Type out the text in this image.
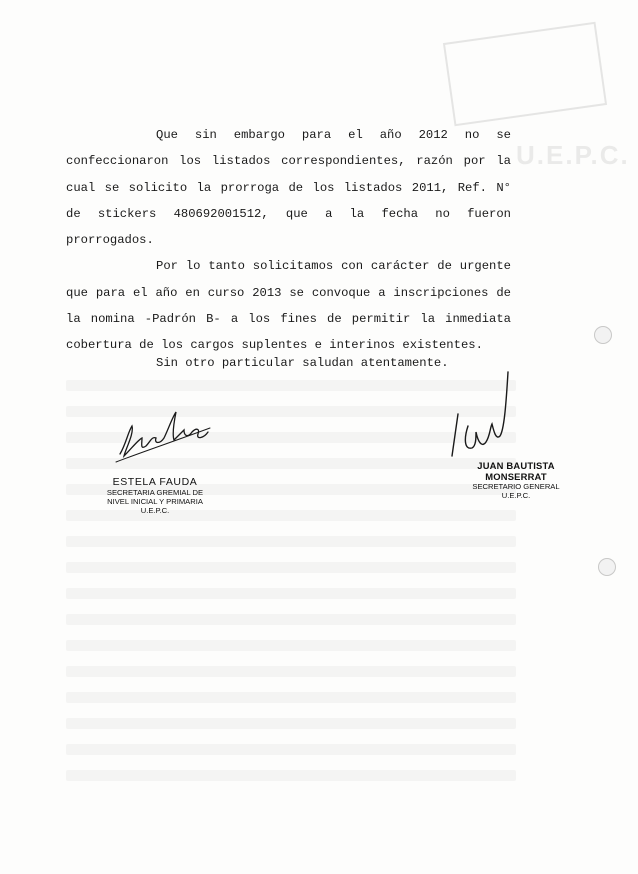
U.E.P.C.

Que sin embargo para el año 2012 no se confeccionaron los listados correspondientes, razón por la cual se solicito la prorroga de los listados 2011, Ref. N° de stickers 480692001512, que a la fecha no fueron prorrogados.

Por lo tanto solicitamos con carácter de urgente que para el año en curso 2013 se convoque a inscripciones de la nomina -Padrón B- a los fines de permitir la inmediata cobertura de los cargos suplentes e interinos existentes.

Sin otro particular saludan atentamente.
ESTELA FAUDA
SECRETARIA GREMIAL DE
NIVEL INICIAL Y PRIMARIA
U.E.P.C.
JUAN BAUTISTA MONSERRAT
SECRETARIO GENERAL
U.E.P.C.
